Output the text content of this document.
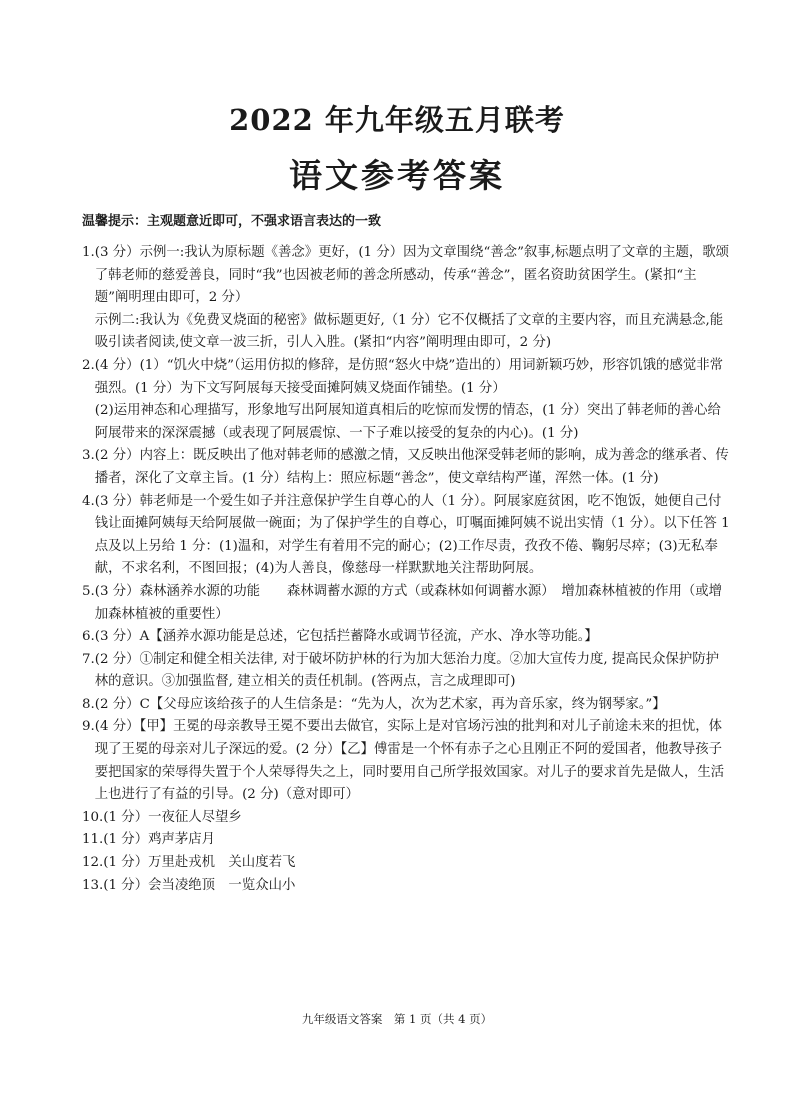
2022 年九年级五月联考
语文参考答案
温馨提示：主观题意近即可，不强求语言表达的一致
1. (3 分）示例一:我认为原标题《善念》更好，(1 分）因为文章围绕“善念”叙事,标题点明了文章的主题，歌颂了韩老师的慈爱善良，同时“我”也因被老师的善念所感动，传承“善念”，匿名资助贫困学生。(紧扣“主题”阐明理由即可，2 分）

示例二:我认为《免费叉烧面的秘密》做标题更好,（1 分）它不仅概括了文章的主要内容，而且充满悬念,能吸引读者阅读,使文章一波三折，引人入胜。(紧扣“内容”阐明理由即可，2 分)

2. (4 分）(1）“饥火中烧”（运用仿拟的修辞，是仿照“怒火中烧”造出的）用词新颖巧妙，形容饥饿的感觉非常强烈。(1 分）为下文写阿展每天接受面摊阿姨叉烧面作铺垫。(1 分）

(2)运用神态和心理描写，形象地写出阿展知道真相后的吃惊而发愣的情态，(1 分）突出了韩老师的善心给阿展带来的深深震撼（或表现了阿展震惊、一下子难以接受的复杂的内心)。(1 分)

3. (2 分）内容上：既反映出了他对韩老师的感激之情，又反映出他深受韩老师的影响，成为善念的继承者、传播者，深化了文章主旨。(1 分）结构上：照应标题“善念”，使文章结构严谨，浑然一体。(1 分)

4. (3 分）韩老师是一个爱生如子并注意保护学生自尊心的人（1 分）。阿展家庭贫困，吃不饱饭，她便自己付钱让面摊阿姨每天给阿展做一碗面；为了保护学生的自尊心，叮嘱面摊阿姨不说出实情（1 分）。以下任答 1 点及以上另给 1 分：(1)温和，对学生有着用不完的耐心；(2)工作尽责，孜孜不倦、鞠躬尽瘁；(3)无私奉献，不求名利，不图回报；(4)为人善良，像慈母一样默默地关注帮助阿展。

5. (3 分）森林涵养水源的功能　　森林调蓄水源的方式（或森林如何调蓄水源）　增加森林植被的作用（或增加森林植被的重要性）

6. (3 分）A【涵养水源功能是总述，它包括拦蓄降水或调节径流，产水、净水等功能。】

7. (2 分）①制定和健全相关法律, 对于破坏防护林的行为加大惩治力度。②加大宣传力度, 提高民众保护防护林的意识。③加强监督, 建立相关的责任机制。(答两点，言之成理即可)

8. (2 分）C【父母应该给孩子的人生信条是：“先为人，次为艺术家，再为音乐家，终为钢琴家。”】

9. (4 分）【甲】王冕的母亲教导王冕不要出去做官，实际上是对官场污浊的批判和对儿子前途未来的担忧，体现了王冕的母亲对儿子深远的爱。(2 分）【乙】傅雷是一个怀有赤子之心且刚正不阿的爱国者，他教导孩子要把国家的荣辱得失置于个人荣辱得失之上，同时要用自己所学报效国家。对儿子的要求首先是做人，生活上也进行了有益的引导。(2 分)（意对即可）

10. (1 分）一夜征人尽望乡

11. (1 分）鸡声茅店月

12. (1 分）万里赴戎机　关山度若飞

13. (1 分）会当凌绝顶　一览众山小

九年级语文答案　第 1 页（共 4 页）
